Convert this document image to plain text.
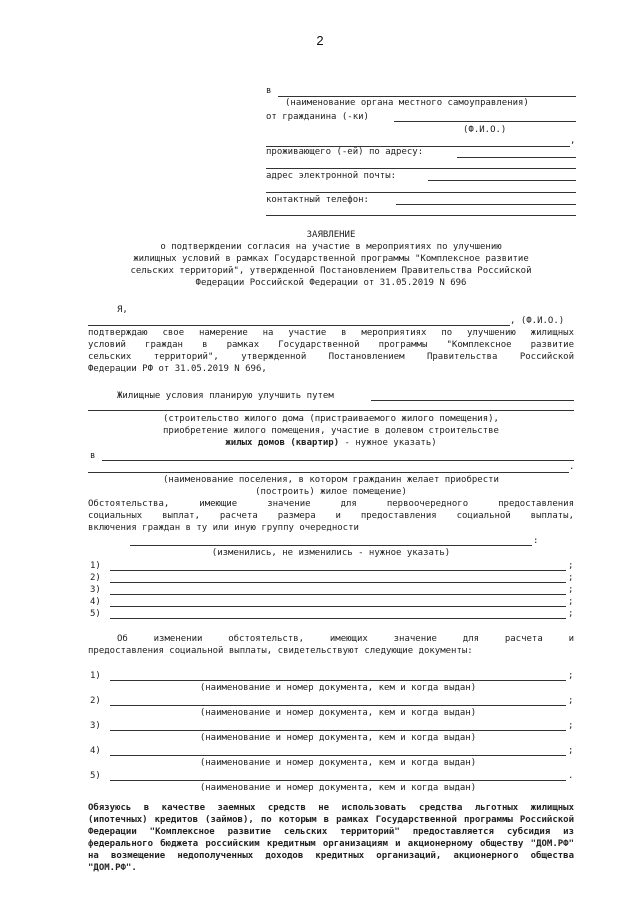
2
в
(наименование органа местного самоуправления)
от гражданина (-ки)
(Ф.И.О.)
,
проживающего (-ей) по адресу:
адрес электронной почты:
контактный телефон:
ЗАЯВЛЕНИЕ
о подтверждении согласия на участие в мероприятиях по улучшению
жилищных условий в рамках Государственной программы "Комплексное развитие
сельских территорий", утвержденной Постановлением Правительства Российской
Федерации Российской Федерации от 31.05.2019 N 696
Я,
, (Ф.И.О.)
подтверждаю свое намерение на участие в мероприятиях по улучшению жилищных
условий граждан в рамках Государственной программы "Комплексное развитие
сельских территорий", утвержденной Постановлением Правительства Российской
Федерации РФ от 31.05.2019 N 696,
Жилищные условия планирую улучшить путем
(строительство жилого дома (пристраиваемого жилого помещения),
приобретение жилого помещения, участие в долевом строительстве
жилых домов (квартир) - нужное указать)
в
.
(наименование поселения, в котором гражданин желает приобрести
(построить) жилое помещение)
Обстоятельства, имеющие значение для первоочередного предоставления
социальных выплат, расчета размера и предоставления социальной выплаты,
включения граждан в ту или иную группу очередности
:
(изменились, не изменились - нужное указать)
1)	;
2)	;
3)	;
4)	;
5)	;
Об изменении обстоятельств, имеющих значение для расчета и
предоставления социальной выплаты, свидетельствуют следующие документы:
1)	;
(наименование и номер документа, кем и когда выдан)
2)	;
(наименование и номер документа, кем и когда выдан)
3)	;
(наименование и номер документа, кем и когда выдан)
4)	;
(наименование и номер документа, кем и когда выдан)
5)	.
(наименование и номер документа, кем и когда выдан)
Обязуюсь в качестве заемных средств не использовать средства льготных жилищных (ипотечных) кредитов (займов), по которым в рамках Государственной программы Российской Федерации "Комплексное развитие сельских территорий" предоставляется субсидия из федерального бюджета российским кредитным организациям и акционерному обществу "ДОМ.РФ" на возмещение недополученных доходов кредитных организаций, акционерного общества "ДОМ.РФ".
